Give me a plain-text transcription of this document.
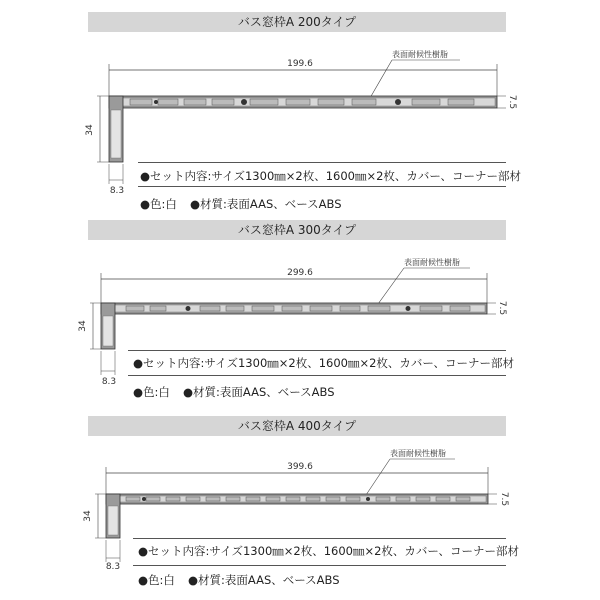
バス窓枠A 200タイプ
199.6
表面耐候性樹脂
34
7.5
8.3
●セット内容:サイズ1300㎜×2枚、1600㎜×2枚、カバー、コーナー部材
●色:白 ●材質:表面AAS、ベースABS
バス窓枠A 300タイプ
299.6
表面耐候性樹脂
34
7.5
8.3
●セット内容:サイズ1300㎜×2枚、1600㎜×2枚、カバー、コーナー部材
●色:白 ●材質:表面AAS、ベースABS
バス窓枠A 400タイプ
399.6
表面耐候性樹脂
34
7.5
8.3
●セット内容:サイズ1300㎜×2枚、1600㎜×2枚、カバー、コーナー部材
●色:白 ●材質:表面AAS、ベースABS
